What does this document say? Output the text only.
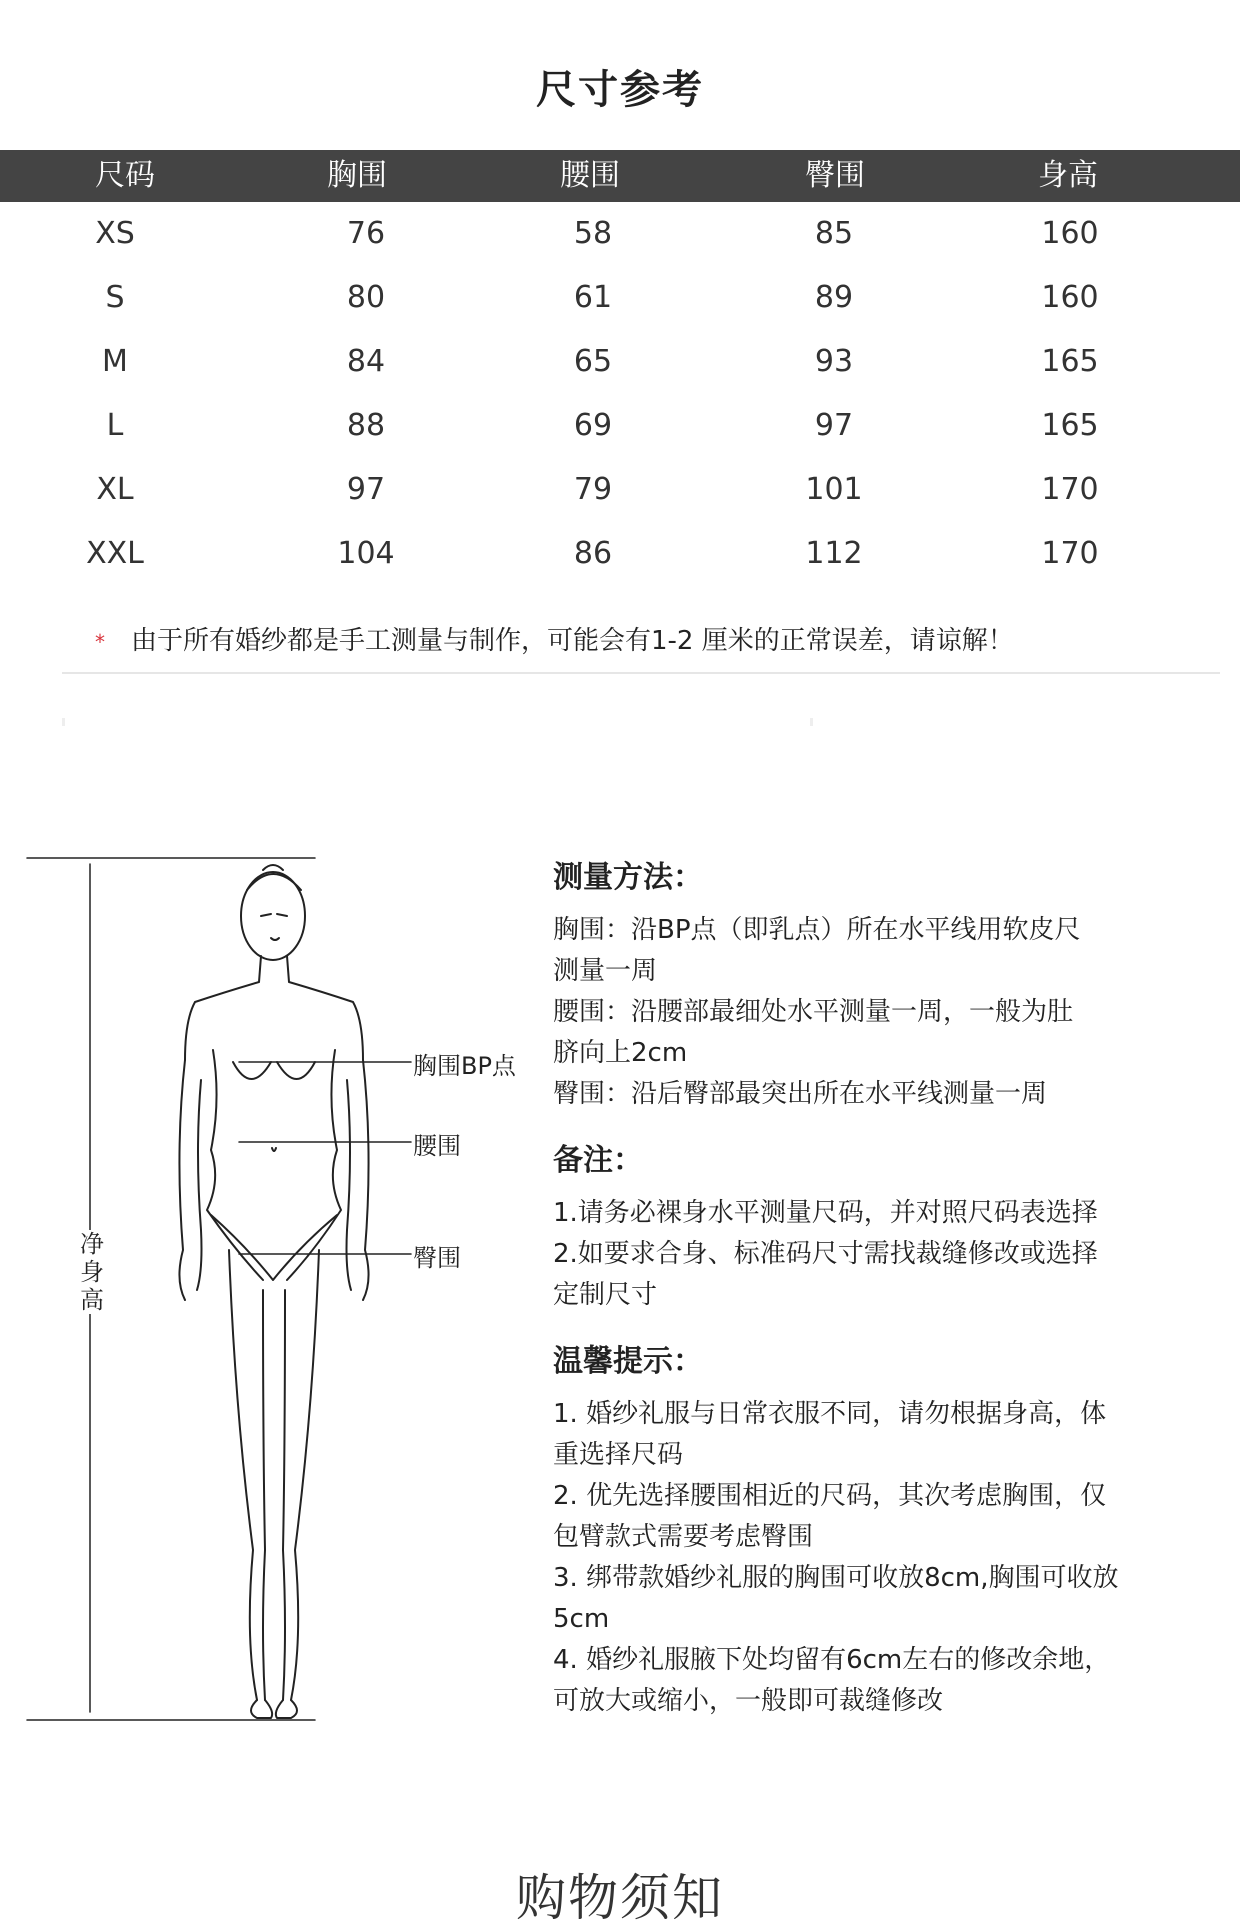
尺寸参考
尺码	胸围	腰围	臀围	身高
XS	76	58	85	160
S	80	61	89	160
M	84	65	93	165
L	88	69	97	165
XL	97	79	101	170
XXL	104	86	112	170
* 由于所有婚纱都是手工测量与制作，可能会有1-2 厘米的正常误差，请谅解！
胸围BP点
腰围
臀围
净身高
测量方法：

胸围：沿BP点（即乳点）所在水平线用软皮尺

测量一周

腰围：沿腰部最细处水平测量一周，一般为肚

脐向上2cm

臀围：沿后臀部最突出所在水平线测量一周

备注：

1.请务必裸身水平测量尺码，并对照尺码表选择

2.如要求合身、标准码尺寸需找裁缝修改或选择

定制尺寸

温馨提示：

1. 婚纱礼服与日常衣服不同，请勿根据身高，体

重选择尺码

2. 优先选择腰围相近的尺码，其次考虑胸围，仅

包臂款式需要考虑臀围

3. 绑带款婚纱礼服的胸围可收放8cm,胸围可收放

5cm

4. 婚纱礼服腋下处均留有6cm左右的修改余地，

可放大或缩小，一般即可裁缝修改

购物须知
